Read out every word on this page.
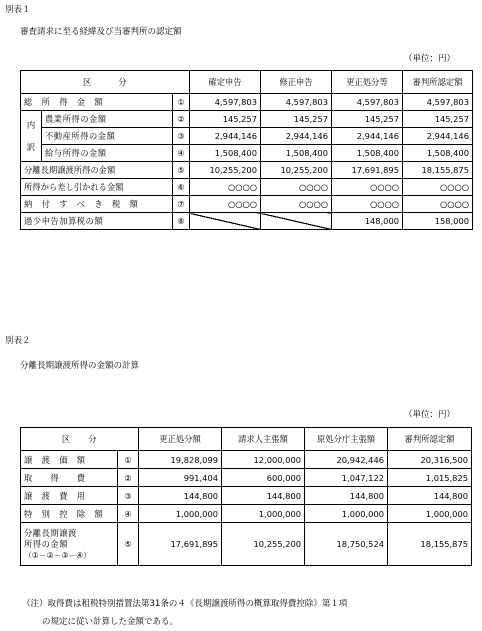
別表１
審査請求に至る経緯及び当審判所の認定額
（単位：円）
区　　　分			確定申告	修正申告	更正処分等	審判所認定額
総　所　得　金　額		①	4,597,803	4,597,803	4,597,803	4,597,803

内
訳	農業所得の金額	②	145,257	145,257	145,257	145,257
	不動産所得の金額	③	2,944,146	2,944,146	2,944,146	2,944,146
	給与所得の金額	④	1,508,400	1,508,400	1,508,400	1,508,400
分離長期譲渡所得の金額		⑤	10,255,200	10,255,200	17,691,895	18,155,875
所得から差し引かれる金額		⑥	○○○○	○○○○	○○○○	○○○○
納　付　す　べ　き　税　額		⑦	○○○○	○○○○	○○○○	○○○○
過少申告加算税の額		⑧			148,000	158,000
別表２
分離長期譲渡所得の金額の計算
（単位：円）
区　　分		更正処分額	請求人主張額	原処分庁主張額	審判所認定額
譲　渡　価　額	①	19,828,099	12,000,000	20,942,446	20,316,500
取　　得　　費	②	991,404	600,000	1,047,122	1,015,825
譲　渡　費　用	③	144,800	144,800	144,800	144,800
特　別　控　除　額	④	1,000,000	1,000,000	1,000,000	1,000,000

分離長期譲渡
所得の金額
（①－②－③－④）	⑤	17,691,895	10,255,200	18,750,524	18,155,875
（注）取得費は租税特別措置法第31条の４《長期譲渡所得の概算取得費控除》第１項
の規定に従い計算した金額である。
